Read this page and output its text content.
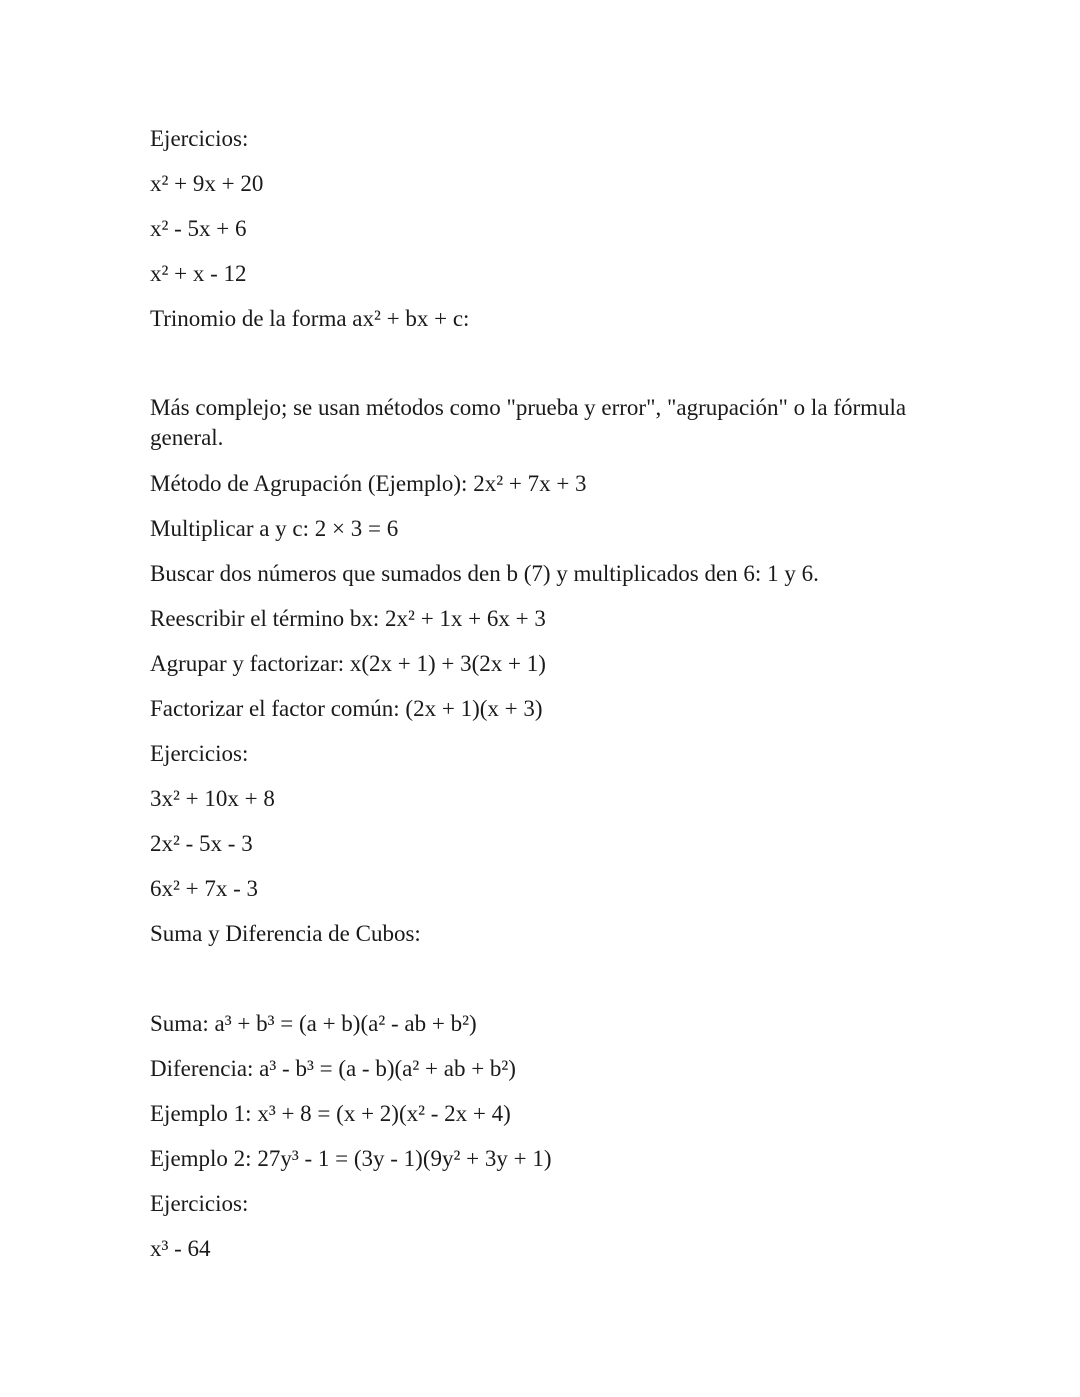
Ejercicios:
x² + 9x + 20
x² - 5x + 6
x² + x - 12
Trinomio de la forma ax² + bx + c:
Más complejo; se usan métodos como "prueba y error", "agrupación" o la fórmula general.
Método de Agrupación (Ejemplo): 2x² + 7x + 3
Multiplicar a y c: 2 × 3 = 6
Buscar dos números que sumados den b (7) y multiplicados den 6: 1 y 6.
Reescribir el término bx: 2x² + 1x + 6x + 3
Agrupar y factorizar: x(2x + 1) + 3(2x + 1)
Factorizar el factor común: (2x + 1)(x + 3)
Ejercicios:
3x² + 10x + 8
2x² - 5x - 3
6x² + 7x - 3
Suma y Diferencia de Cubos:
Suma: a³ + b³ = (a + b)(a² - ab + b²)
Diferencia: a³ - b³ = (a - b)(a² + ab + b²)
Ejemplo 1: x³ + 8 = (x + 2)(x² - 2x + 4)
Ejemplo 2: 27y³ - 1 = (3y - 1)(9y² + 3y + 1)
Ejercicios:
x³ - 64
